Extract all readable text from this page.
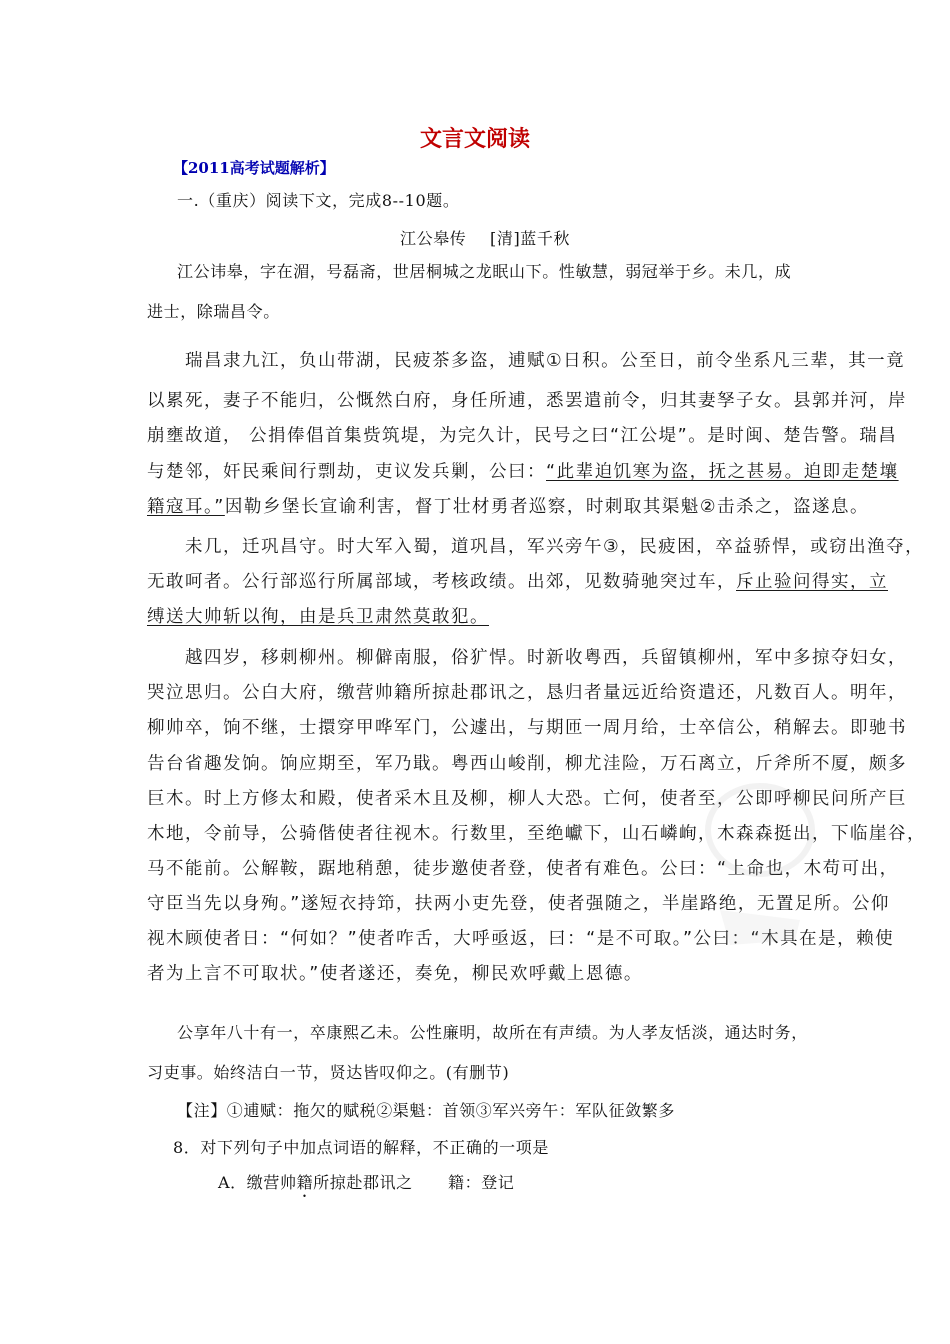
文言文阅读
【2011高考试题解析】
一.（重庆）阅读下文，完成8--10题。
江公皋传 [清]蓝千秋
江公讳皋，字在湄，号磊斋，世居桐城之龙眠山下。性敏慧，弱冠举于乡。未几，成
进士，除瑞昌令。
瑞昌隶九江，负山带湖，民疲茶多盗，逋赋①日积。公至日，前令坐系凡三辈，其一竟
以累死，妻子不能归，公慨然白府，身任所逋，悉罢遣前令，归其妻孥子女。县郭并河，岸
崩壅故道， 公捐俸倡首集赀筑堤，为完久计，民号之曰“江公堤”。是时闽、楚告警。瑞昌
与楚邻，奸民乘间行剽劫，吏议发兵剿，公曰：“此辈迫饥寒为盗，抚之甚易。迫即走楚壤
籍寇耳。”因勒乡堡长宣谕利害，督丁壮材勇者巡察，时刺取其渠魁②击杀之，盗遂息。
未几，迁巩昌守。时大军入蜀，道巩昌，军兴旁午③，民疲困，卒益骄悍，或窃出渔夺，
无敢呵者。公行部巡行所属部域，考核政绩。出郊，见数骑驰突过车，斥止验问得实，立
缚送大帅斩以徇，由是兵卫肃然莫敢犯。
越四岁，移刺柳州。柳僻南服，俗犷悍。时新收粤西，兵留镇柳州，军中多掠夺妇女，
哭泣思归。公白大府，缴营帅籍所掠赴郡讯之，恳归者量远近给资遣还，凡数百人。明年，
柳帅卒，饷不继，士擐穿甲哗军门，公遽出，与期匝一周月给，士卒信公，稍解去。即驰书
告台省趣发饷。饷应期至，军乃戢。粤西山峻削，柳尤洼险，万石离立，斤斧所不厦，颇多
巨木。时上方修太和殿，使者采木且及柳，柳人大恐。亡何，使者至，公即呼柳民问所产巨
木地，令前导，公骑偕使者往视木。行数里，至绝巘下，山石嶙峋，木森森挺出，下临崖谷，
马不能前。公解鞍，踞地稍憩，徒步邀使者登，使者有难色。公曰：“上命也，木苟可出，
守臣当先以身殉。”遂短衣持笻，扶两小吏先登，使者强随之，半崖路绝，无置足所。公仰
视木顾使者日：“何如？”使者咋舌，大呼亟返，曰：“是不可取。”公曰：“木具在是，赖使
者为上言不可取状。”使者遂还，奏免，柳民欢呼戴上恩德。
公享年八十有一，卒康熙乙未。公性廉明，故所在有声绩。为人孝友恬淡，通达时务，
习吏事。始终洁白一节，贤达皆叹仰之。(有删节)
【注】①逋赋：拖欠的赋税②渠魁：首领③军兴旁午：军队征敛繁多
8．对下列句子中加点词语的解释，不正确的一项是
A．缴营帅籍所掠赴郡讯之 籍：登记
